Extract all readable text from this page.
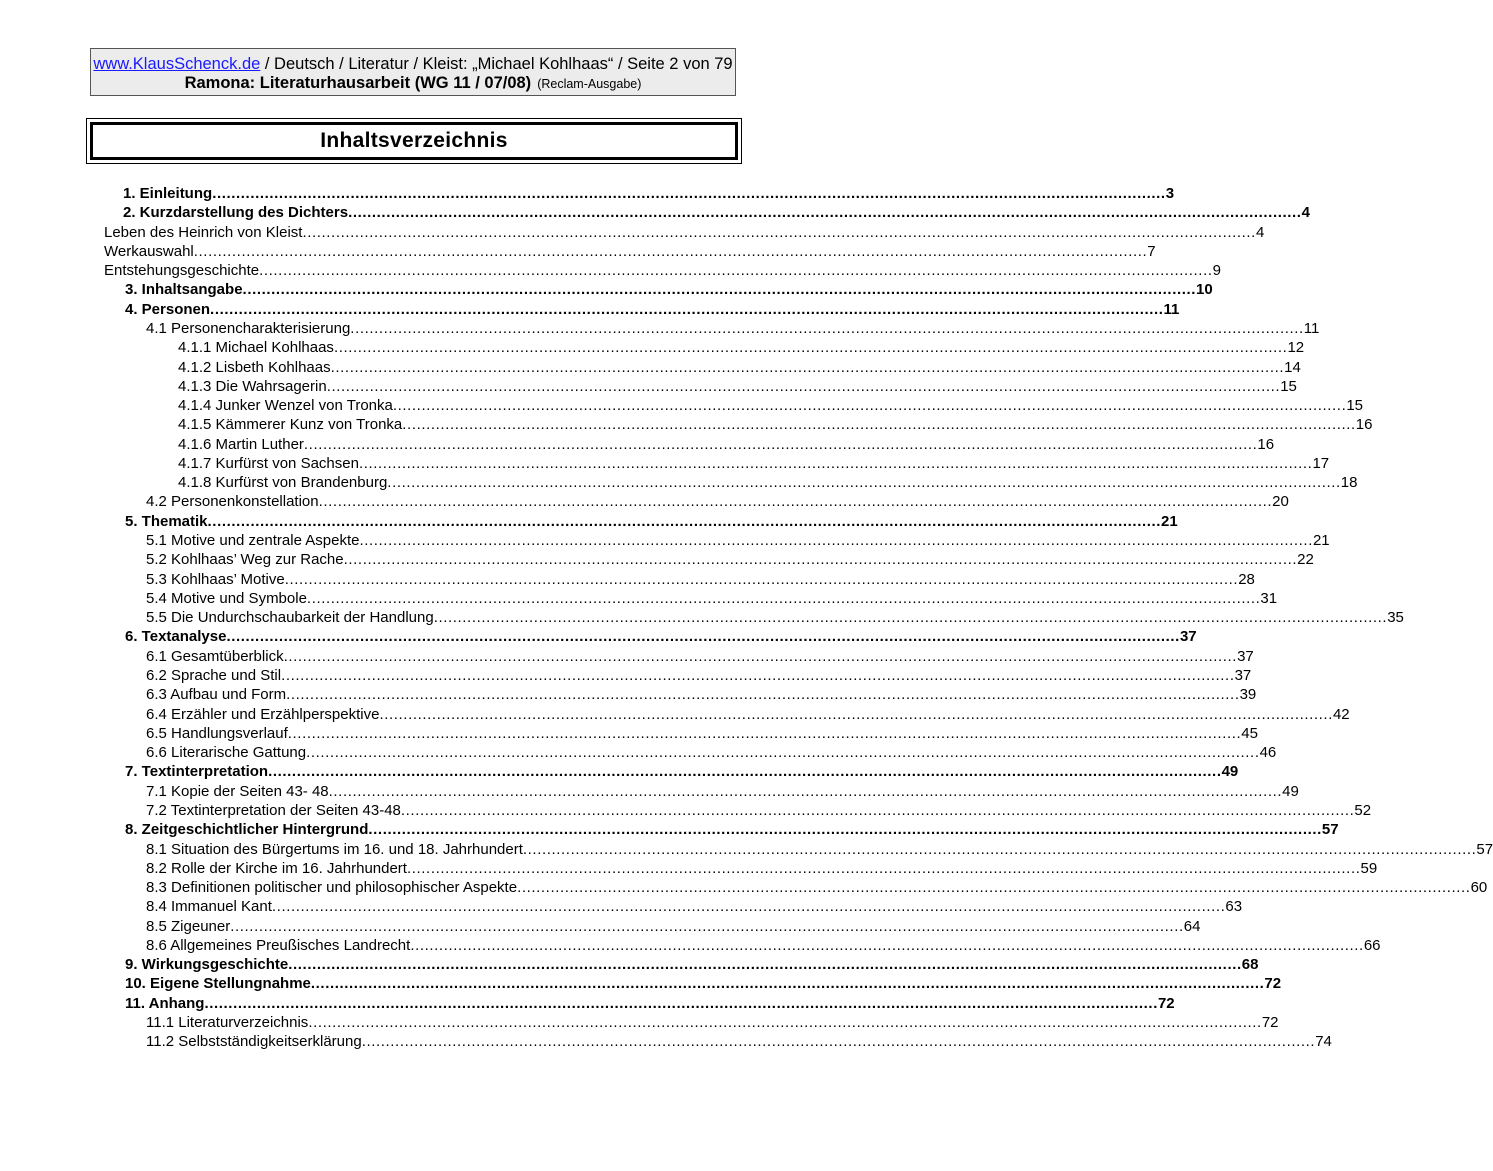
www.KlausSchenck.de / Deutsch / Literatur / Kleist: „Michael Kohlhaas“ / Seite 2 von 79
Ramona: Literaturhausarbeit (WG 11 / 07/08) (Reclam-Ausgabe)
Inhaltsverzeichnis
1. Einleitung ........................................................................................................................................................................................................ 3
2. Kurzdarstellung des Dichters ........................................................................................................................................................................................................ 4
Leben des Heinrich von Kleist ........................................................................................................................................................................................................ 4
Werkauswahl ........................................................................................................................................................................................................ 7
Entstehungsgeschichte ........................................................................................................................................................................................................ 9
3. Inhaltsangabe ........................................................................................................................................................................................................ 10
4. Personen ........................................................................................................................................................................................................ 11
4.1 Personencharakterisierung ........................................................................................................................................................................................................ 11
4.1.1 Michael Kohlhaas ........................................................................................................................................................................................................ 12
4.1.2 Lisbeth Kohlhaas ........................................................................................................................................................................................................ 14
4.1.3 Die Wahrsagerin ........................................................................................................................................................................................................ 15
4.1.4 Junker Wenzel von Tronka ........................................................................................................................................................................................................ 15
4.1.5 Kämmerer Kunz von Tronka ........................................................................................................................................................................................................ 16
4.1.6 Martin Luther ........................................................................................................................................................................................................ 16
4.1.7 Kurfürst von Sachsen ........................................................................................................................................................................................................ 17
4.1.8 Kurfürst von Brandenburg ........................................................................................................................................................................................................ 18
4.2 Personenkonstellation ........................................................................................................................................................................................................ 20
5. Thematik ........................................................................................................................................................................................................ 21
5.1 Motive und zentrale Aspekte ........................................................................................................................................................................................................ 21
5.2 Kohlhaas’ Weg zur Rache ........................................................................................................................................................................................................ 22
5.3 Kohlhaas’ Motive ........................................................................................................................................................................................................ 28
5.4 Motive und Symbole ........................................................................................................................................................................................................ 31
5.5 Die Undurchschaubarkeit der Handlung ........................................................................................................................................................................................................ 35
6. Textanalyse ........................................................................................................................................................................................................ 37
6.1 Gesamtüberblick ........................................................................................................................................................................................................ 37
6.2 Sprache und Stil ........................................................................................................................................................................................................ 37
6.3 Aufbau und Form ........................................................................................................................................................................................................ 39
6.4 Erzähler und Erzählperspektive ........................................................................................................................................................................................................ 42
6.5 Handlungsverlauf ........................................................................................................................................................................................................ 45
6.6 Literarische Gattung ........................................................................................................................................................................................................ 46
7. Textinterpretation ........................................................................................................................................................................................................ 49
7.1 Kopie der Seiten 43- 48 ........................................................................................................................................................................................................ 49
7.2 Textinterpretation der Seiten 43-48 ........................................................................................................................................................................................................ 52
8. Zeitgeschichtlicher Hintergrund ........................................................................................................................................................................................................ 57
8.1 Situation des Bürgertums im 16. und 18. Jahrhundert ........................................................................................................................................................................................................ 57
8.2 Rolle der Kirche im 16. Jahrhundert ........................................................................................................................................................................................................ 59
8.3 Definitionen politischer und philosophischer Aspekte ........................................................................................................................................................................................................ 60
8.4 Immanuel Kant ........................................................................................................................................................................................................ 63
8.5 Zigeuner ........................................................................................................................................................................................................ 64
8.6 Allgemeines Preußisches Landrecht ........................................................................................................................................................................................................ 66
9. Wirkungsgeschichte ........................................................................................................................................................................................................ 68
10. Eigene Stellungnahme ........................................................................................................................................................................................................ 72
11. Anhang ........................................................................................................................................................................................................ 72
11.1 Literaturverzeichnis ........................................................................................................................................................................................................ 72
11.2 Selbstständigkeitserklärung ........................................................................................................................................................................................................ 74
